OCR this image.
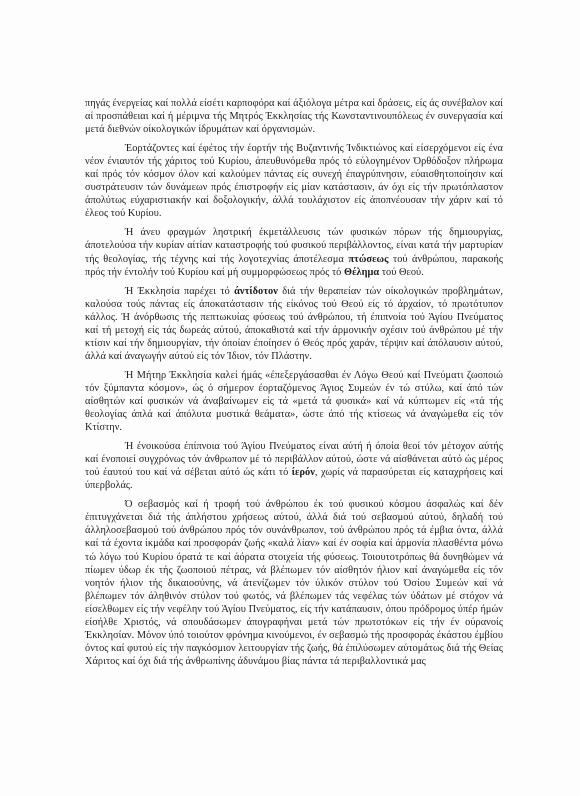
πηγάς ένεργείας καί πολλά είσέτι καρποφόρα καί άξιόλογα μέτρα καί δράσεις, είς άς συνέβαλον καί αί προσπάθειαι καί ή μέριμνα τής Μητρός Έκκλησίας τής Κωνσταντινουπόλεως έν συνεργασία καί μετά διεθνών οίκολογικών ίδρυμάτων καί όργανισμών.

Έορτάζοντες καί έφέτος τήν έορτήν τής Βυζαντινής Ίνδικτιώνος καί είσερχόμενοι είς ένα νέον ένιαυτόν τής χάριτος τού Κυρίου, άπευθυνόμεθα πρός τό εύλογημένον Όρθόδοξον πλήρωμα καί πρός τόν κόσμον όλον καί καλούμεν πάντας είς συνεχή έπαγρύπνησιν, εύαισθητοποίησιν καί συστράτευσιν τών δυνάμεων πρός έπιστροφήν είς μίαν κατάστασιν, άν όχι είς τήν πρωτόπλαστον άπολύτως εύχαριστιακήν καί δοξολογικήν, άλλά τουλάχιστον είς άποπνέουσαν τήν χάριν καί τό έλεος τού Κυρίου.

Ή άνευ φραγμών ληστρική έκμετάλλευσις τών φυσικών πόρων τής δημιουργίας, άποτελούσα τήν κυρίαν αίτίαν καταστροφής τού φυσικού περιβάλλοντος, είναι κατά τήν μαρτυρίαν τής θεολογίας, τής τέχνης καί τής λογοτεχνίας άποτέλεσμα πτώσεως τού άνθρώπου, παρακοής πρός τήν έντολήν τού Κυρίου καί μή συμμορφώσεως πρός τό Θέλημα τού Θεού.

Ή Έκκλησία παρέχει τό άντίδοτον διά τήν θεραπείαν τών οίκολογικών προβλημάτων, καλούσα τούς πάντας είς άποκατάστασιν τής είκόνος τού Θεού είς τό άρχαίον, τό πρωτότυπον κάλλος. Ή άνόρθωσις τής πεπτωκυίας φύσεως τού άνθρώπου, τή έπιπνοία τού Άγίου Πνεύματος καί τή μετοχή είς τάς δωρεάς αύτού, άποκαθιστά καί τήν άρμονικήν σχέσιν τού άνθρώπου μέ τήν κτίσιν καί τήν δημιουργίαν, τήν όποίαν έποίησεν ό Θεός πρός χαράν, τέρψιν καί άπόλαυσιν αύτού, άλλά καί άναγωγήν αύτού είς τόν Ίδιον, τόν Πλάστην.

Ή Μήτηρ Έκκλησία καλεί ήμάς «έπεξεργάσασθαι έν Λόγω Θεού καί Πνεύματι ζωοποιώ τόν ξύμπαντα κόσμον», ώς ό σήμερον έορταζόμενος Άγιος Συμεών έν τώ στύλω, καί άπό τών αίσθητών καί φυσικών νά άναβαίνωμεν είς τά «μετά τά φυσικά» καί νά κύπτωμεν είς «τά τής θεολογίας άπλά καί άπόλυτα μυστικά θεάματα», ώστε άπό τής κτίσεως νά άναγώμεθα είς τόν Κτίστην.

Ή ένοικούσα έπίπνοια τού Άγίου Πνεύματος είναι αύτή ή όποία θεοί τόν μέτοχον αύτής καί ένοποιεί συγχρόνως τόν άνθρωπον μέ τό περιβάλλον αύτού, ώστε νά αίσθάνεται αύτό ώς μέρος τού έαυτού του καί νά σέβεται αύτό ώς κάτι τό ίερόν, χωρίς νά παρασύρεται είς καταχρήσεις καί ύπερβολάς.

Ό σεβασμός καί ή τροφή τού άνθρώπου έκ τού φυσικού κόσμου άσφαλώς καί δέν έπιτυγχάνεται διά τής άπλήστου χρήσεως αύτού, άλλά διά τού σεβασμού αύτού, δηλαδή τού άλληλοσεβασμού τού άνθρώπου πρός τόν συνάνθρωπον, τού άνθρώπου πρός τά έμβια όντα, άλλά καί τά έχοντα ίκμάδα καί προσφοράν ζωής «καλά λίαν» καί έν σοφία καί άρμονία πλασθέντα μόνω τώ λόγω τού Κυρίου όρατά τε καί άόρατα στοιχεία τής φύσεως. Τοιουτοτρόπως θά δυνηθώμεν νά πίωμεν ύδωρ έκ τής ζωοποιού πέτρας, νά βλέπωμεν τόν αίσθητόν ήλιον καί άναγώμεθα είς τόν νοητόν ήλιον τής δικαιοσύνης, νά άτενίζωμεν τόν ύλικόν στύλον τού Όσίου Συμεών καί νά βλέπωμεν τόν άληθινόν στύλον τού φωτός, νά βλέπωμεν τάς νεφέλας τών ύδάτων μέ στόχον νά είσελθωμεν είς τήν νεφέλην τού Άγίου Πνεύματος, είς τήν κατάπαυσιν, όπου πρόδρομος ύπέρ ήμών είσήλθε Χριστός, νά σπουδάσωμεν άπογραφήναι μετά τών πρωτοτόκων είς τήν έν ούρανοίς Έκκλησίαν. Μόνον ύπό τοιούτον φρόνημα κινούμενοι, έν σεβασμώ τής προσφοράς έκάστου έμβίου όντος καί φυτού είς τήν παγκόσμιον λειτουργίαν τής ζωής, θά έπιλύσωμεν αύτομάτως διά τής Θείας Χάριτος καί όχι διά τής άνθρωπίνης άδυνάμου βίας πάντα τά περιβαλλοντικά μας
